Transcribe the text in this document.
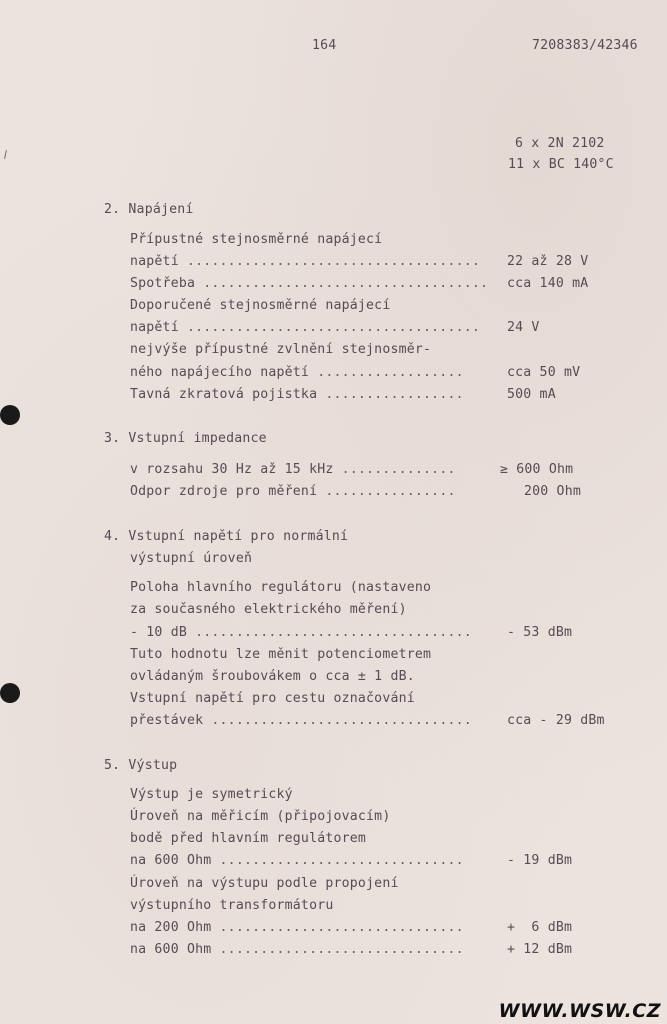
164	7208383/42346
6 x 2N 2102
11 x BC 140°C
2. Napájení
Přípustné stejnosměrné napájecí
napětí .................................... 22 až 28 V
Spotřeba ................................... cca 140 mA
Doporučené stejnosměrné napájecí
napětí .................................... 24 V
nejvýše přípustné zvlnění stejnosměr-
ného napájecího napětí ..................	cca 50 mV
Tavná zkratová pojistka .................	500 mA
3. Vstupní impedance
v rozsahu 30 Hz až 15 kHz ..............	≥ 600 Ohm
Odpor zdroje pro měření ................	200 Ohm
4. Vstupní napětí pro normální
výstupní úroveň
Poloha hlavního regulátoru (nastaveno
za současného elektrického měření)
- 10 dB ..................................	- 53 dBm
Tuto hodnotu lze měnit potenciometrem
ovládaným šroubovákem o cca ± 1 dB.
Vstupní napětí pro cestu označování
přestávek ................................	cca - 29 dBm
5. Výstup
Výstup je symetrický
Úroveň na měřicím (připojovacím)
bodě před hlavním regulátorem
na 600 Ohm ..............................	- 19 dBm
Úroveň na výstupu podle propojení
výstupního transformátoru
na 200 Ohm ..............................	+  6 dBm
na 600 Ohm ..............................	+ 12 dBm
WWW.WSW.CZ
